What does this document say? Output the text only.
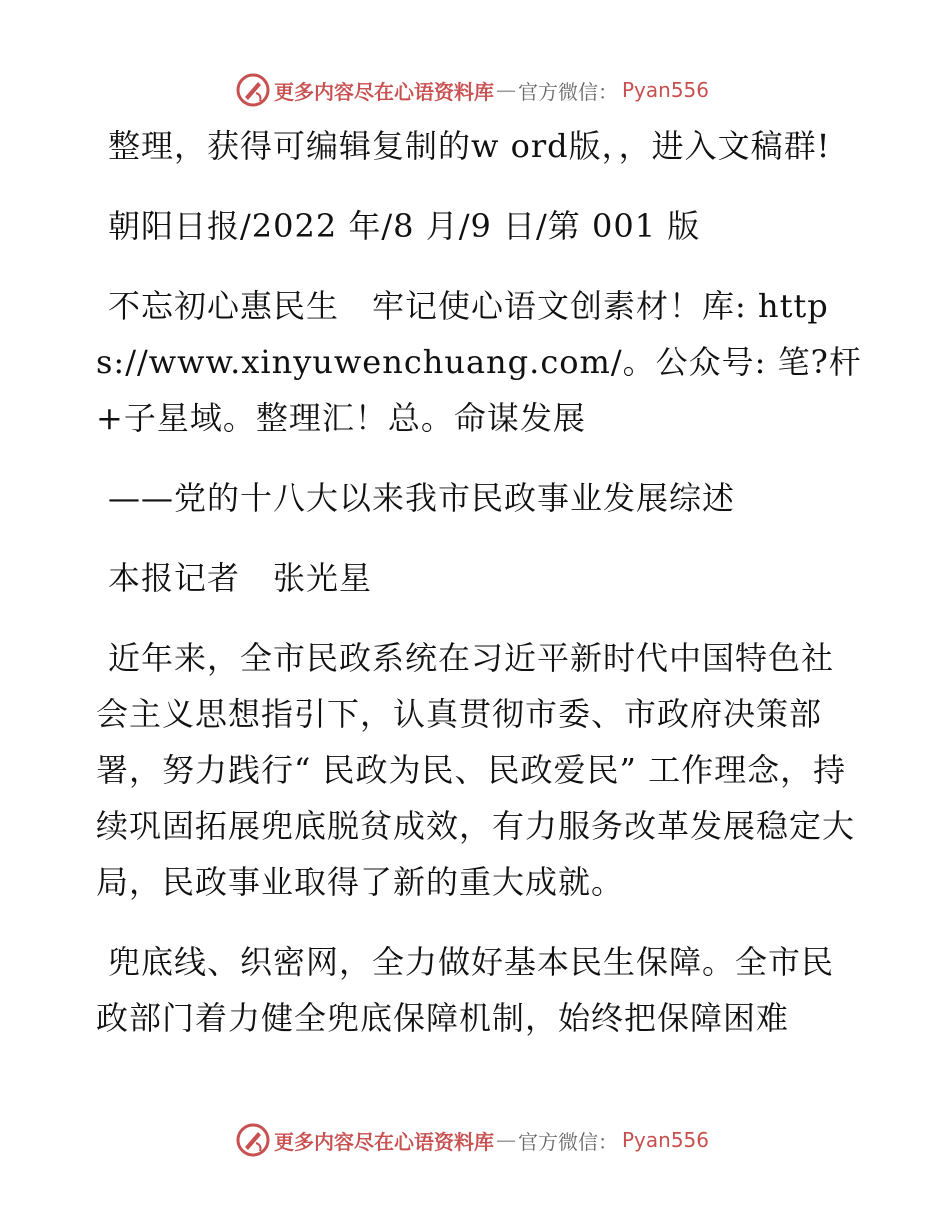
更多内容尽在心语资料库 — 官方微信： Pyan556

整理，获得可编辑复制的w ord版，，进入文稿群!

朝阳日报/2022 年/8 月/9 日/第 001 版

不忘初心惠民生　牢记使心语文创素材！库: https://www.xinyuwenchuang.com/。公众号: 笔?杆+子星域。整理汇！总。命谋发展

——党的十八大以来我市民政事业发展综述

本报记者　张光星

近年来，全市民政系统在习近平新时代中国特色社会主义思想指引下，认真贯彻市委、市政府决策部署，努力践行“ 民政为民、民政爱民” 工作理念，持续巩固拓展兜底脱贫成效，有力服务改革发展稳定大局，民政事业取得了新的重大成就。

兜底线、织密网，全力做好基本民生保障。全市民政部门着力健全兜底保障机制，始终把保障困难

更多内容尽在心语资料库 — 官方微信： Pyan556
